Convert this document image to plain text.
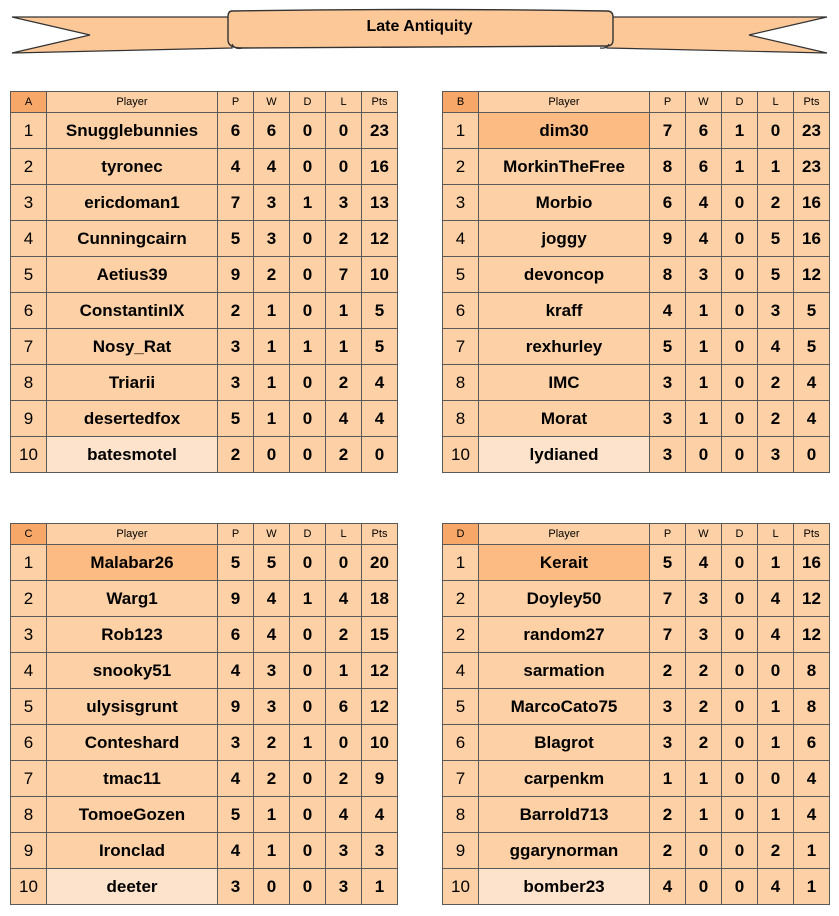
Late Antiquity
A	Player	P	W	D	L	Pts
1	Snugglebunnies	6	6	0	0	23
2	tyronec	4	4	0	0	16
3	ericdoman1	7	3	1	3	13
4	Cunningcairn	5	3	0	2	12
5	Aetius39	9	2	0	7	10
6	ConstantinIX	2	1	0	1	5
7	Nosy_Rat	3	1	1	1	5
8	Triarii	3	1	0	2	4
9	desertedfox	5	1	0	4	4
10	batesmotel	2	0	0	2	0
B	Player	P	W	D	L	Pts
1	dim30	7	6	1	0	23
2	MorkinTheFree	8	6	1	1	23
3	Morbio	6	4	0	2	16
4	joggy	9	4	0	5	16
5	devoncop	8	3	0	5	12
6	kraff	4	1	0	3	5
7	rexhurley	5	1	0	4	5
8	IMC	3	1	0	2	4
8	Morat	3	1	0	2	4
10	lydianed	3	0	0	3	0
C	Player	P	W	D	L	Pts
1	Malabar26	5	5	0	0	20
2	Warg1	9	4	1	4	18
3	Rob123	6	4	0	2	15
4	snooky51	4	3	0	1	12
5	ulysisgrunt	9	3	0	6	12
6	Conteshard	3	2	1	0	10
7	tmac11	4	2	0	2	9
8	TomoeGozen	5	1	0	4	4
9	Ironclad	4	1	0	3	3
10	deeter	3	0	0	3	1
D	Player	P	W	D	L	Pts
1	Kerait	5	4	0	1	16
2	Doyley50	7	3	0	4	12
2	random27	7	3	0	4	12
4	sarmation	2	2	0	0	8
5	MarcoCato75	3	2	0	1	8
6	Blagrot	3	2	0	1	6
7	carpenkm	1	1	0	0	4
8	Barrold713	2	1	0	1	4
9	ggarynorman	2	0	0	2	1
10	bomber23	4	0	0	4	1
